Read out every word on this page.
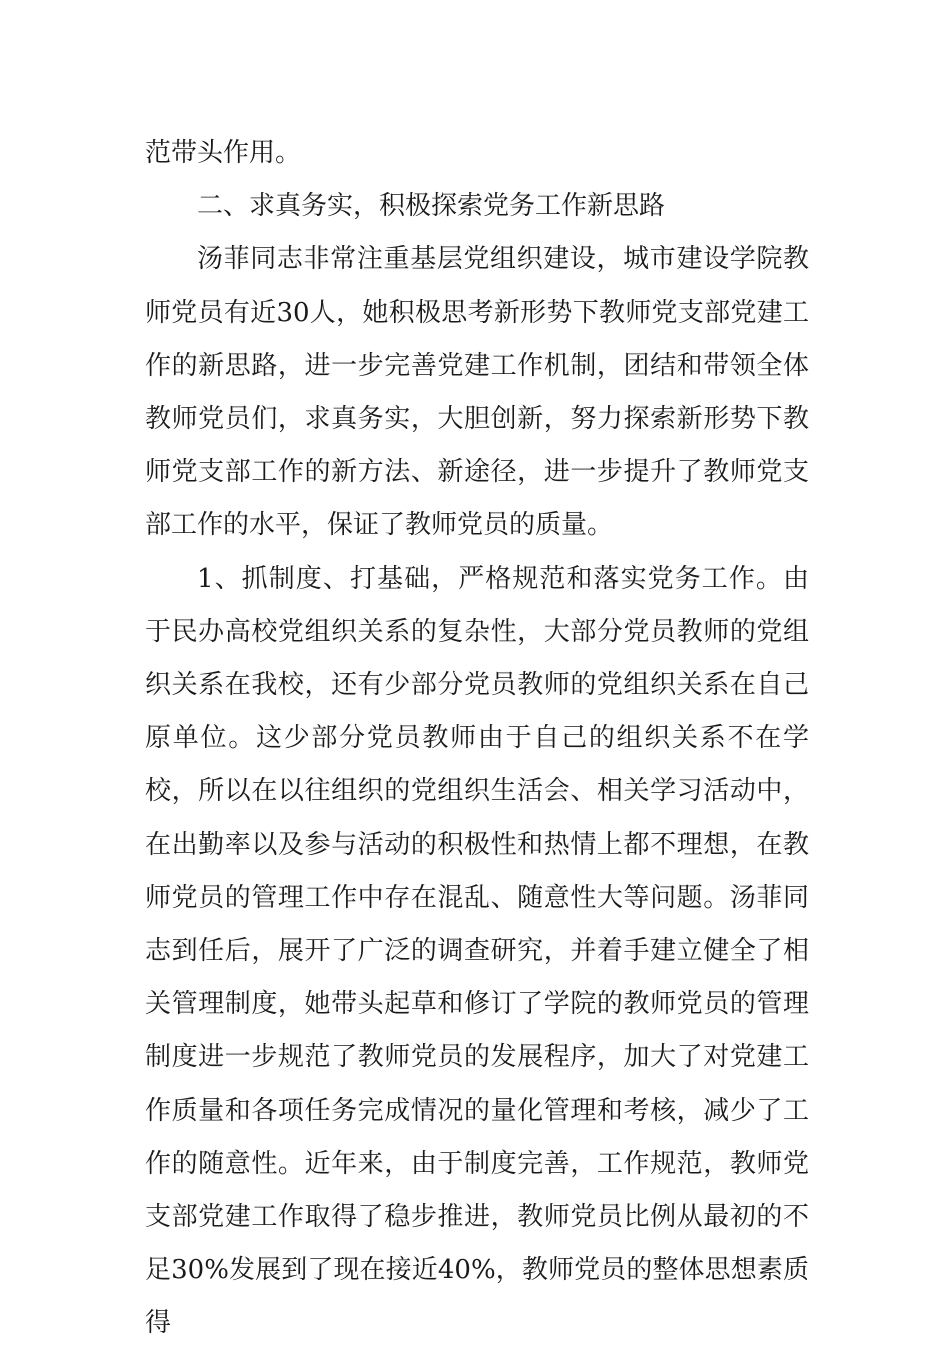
范带头作用。

二、求真务实，积极探索党务工作新思路

汤菲同志非常注重基层党组织建设，城市建设学院教师党员有近30人，她积极思考新形势下教师党支部党建工作的新思路，进一步完善党建工作机制，团结和带领全体教师党员们，求真务实，大胆创新，努力探索新形势下教师党支部工作的新方法、新途径，进一步提升了教师党支部工作的水平，保证了教师党员的质量。

1、抓制度、打基础，严格规范和落实党务工作。由于民办高校党组织关系的复杂性，大部分党员教师的党组织关系在我校，还有少部分党员教师的党组织关系在自己原单位。这少部分党员教师由于自己的组织关系不在学校，所以在以往组织的党组织生活会、相关学习活动中，在出勤率以及参与活动的积极性和热情上都不理想，在教师党员的管理工作中存在混乱、随意性大等问题。汤菲同志到任后，展开了广泛的调查研究，并着手建立健全了相关管理制度，她带头起草和修订了学院的教师党员的管理制度进一步规范了教师党员的发展程序，加大了对党建工作质量和各项任务完成情况的量化管理和考核，减少了工作的随意性。近年来，由于制度完善，工作规范，教师党支部党建工作取得了稳步推进，教师党员比例从最初的不足30%发展到了现在接近40%，教师党员的整体思想素质得
